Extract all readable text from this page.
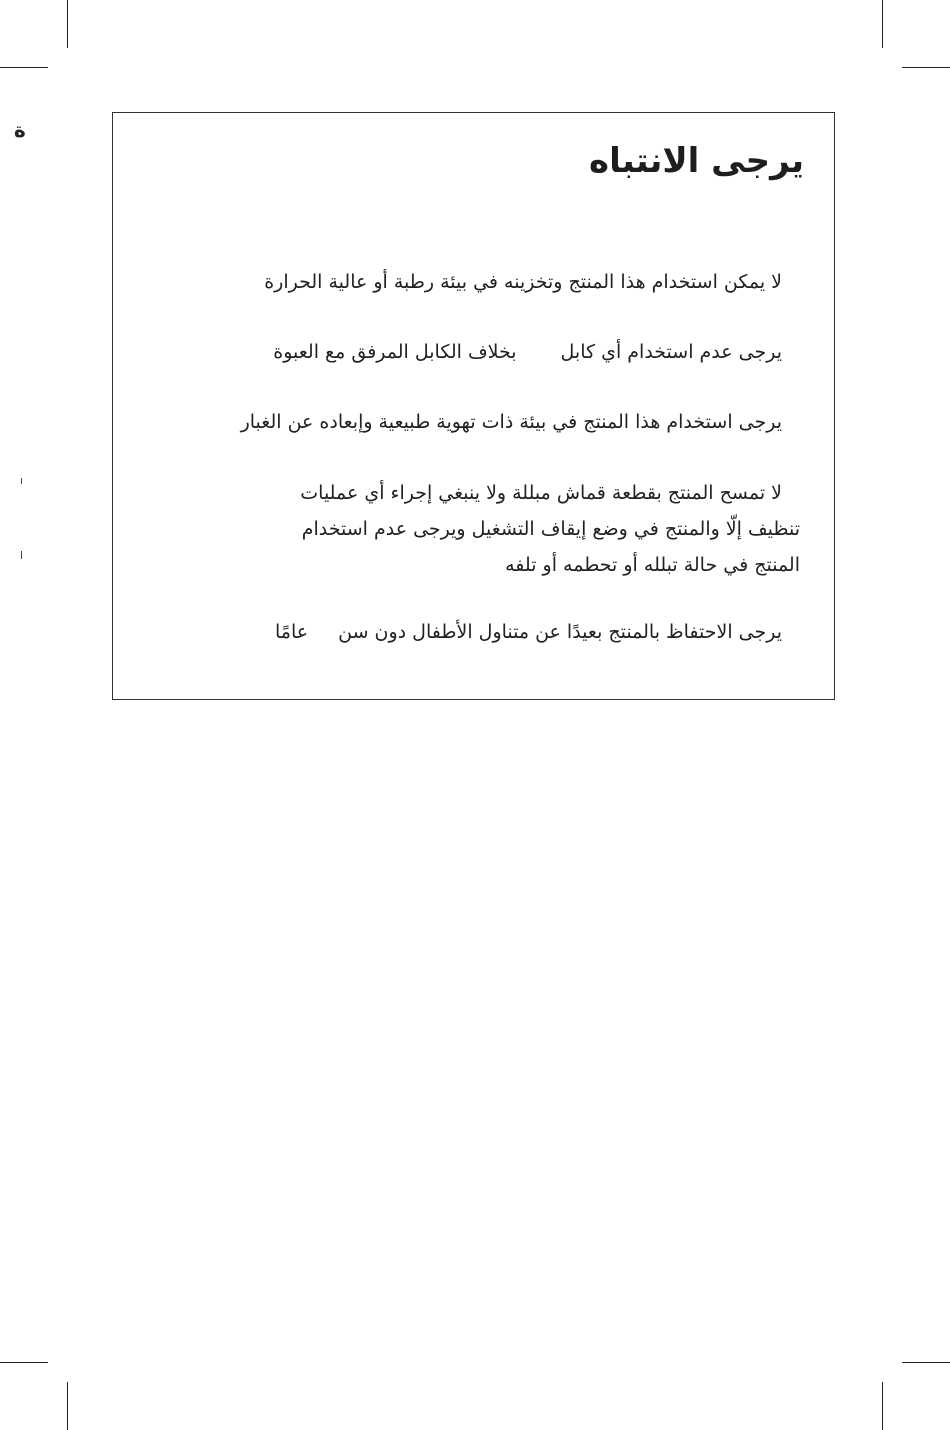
ة
يرجى الانتباه

لا يمكن استخدام هذا المنتج وتخزينه في بيئة رطبة أو عالية الحرارة

يرجى عدم استخدام أي كابلبخلاف الكابل المرفق مع العبوة

يرجى استخدام هذا المنتج في بيئة ذات تهوية طبيعية وإبعاده عن الغبار

لا تمسح المنتج بقطعة قماش مبللة ولا ينبغي إجراء أي عمليات
تنظيف إلّا والمنتج في وضع إيقاف التشغيل ويرجى عدم استخدام
المنتج في حالة تبلله أو تحطمه أو تلفه

يرجى الاحتفاظ بالمنتج بعيدًا عن متناول الأطفال دون سنعامًا
